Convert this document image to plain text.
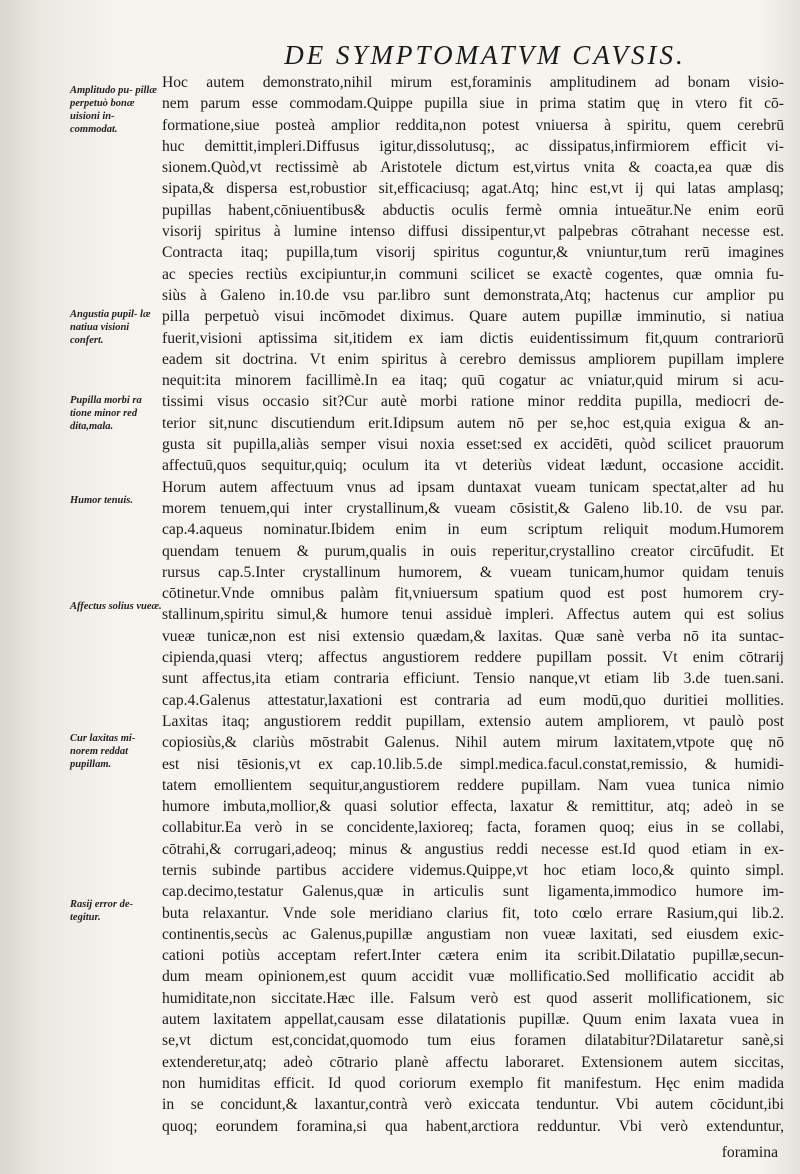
DE SYMPTOMATVM CAVSIS.
Amplitudo pu- pillæ perpetuò bonæ uisioni in- commodat.
Angustia pupil- læ natiua visioni confert.
Pupilla morbi ra tione minor red dita,mala.
Humor tenuis.
Affectus solius vueæ.
Cur laxitas mi- norem reddat pupillam.
Rasij error de- tegitur.
Hoc autem demonstrato,nihil mirum est,foraminis amplitudinem ad bonam visio-
nem parum esse commodam.Quippe pupilla siue in prima statim quę in vtero fit cō-
formatione,siue posteà amplior reddita,non potest vniuersa à spiritu, quem cerebrū
huc demittit,impleri.Diffusus igitur,dissolutusq;, ac dissipatus,infirmiorem efficit vi-
sionem.Quòd,vt rectissimè ab Aristotele dictum est,virtus vnita & coacta,ea quæ dis
sipata,& dispersa est,robustior sit,efficaciusq; agat.Atq; hinc est,vt ij qui latas amplasq;
pupillas habent,cōniuentibus& abductis oculis fermè omnia intueātur.Ne enim eorū
visorij spiritus à lumine intenso diffusi dissipentur,vt palpebras cōtrahant necesse est.
Contracta itaq; pupilla,tum visorij spiritus coguntur,& vniuntur,tum rerū imagines
ac species rectiùs excipiuntur,in communi scilicet se exactè cogentes, quæ omnia fu-
siùs à Galeno in.10.de vsu par.libro sunt demonstrata,Atq; hactenus cur amplior pu
pilla perpetuò visui incōmodet diximus. Quare autem pupillæ imminutio, si natiua
fuerit,visioni aptissima sit,itidem ex iam dictis euidentissimum fit,quum contrariorū
eadem sit doctrina. Vt enim spiritus à cerebro demissus ampliorem pupillam implere
nequit:ita minorem facillimè.In ea itaq; quū cogatur ac vniatur,quid mirum si acu-
tissimi visus occasio sit?Cur autè morbi ratione minor reddita pupilla, mediocri de-
terior sit,nunc discutiendum erit.Idipsum autem nō per se,hoc est,quia exigua & an-
gusta sit pupilla,aliàs semper visui noxia esset:sed ex accidēti, quòd scilicet prauorum
affectuū,quos sequitur,quiq; oculum ita vt deteriùs videat lædunt, occasione accidit.
Horum autem affectuum vnus ad ipsam duntaxat vueam tunicam spectat,alter ad hu
morem tenuem,qui inter crystallinum,& vueam cōsistit,& Galeno lib.10. de vsu par.
cap.4.aqueus nominatur.Ibidem enim in eum scriptum reliquit modum.Humorem
quendam tenuem & purum,qualis in ouis reperitur,crystallino creator circūfudit. Et
rursus cap.5.Inter crystallinum humorem, & vueam tunicam,humor quidam tenuis
cōtinetur.Vnde omnibus palàm fit,vniuersum spatium quod est post humorem cry-
stallinum,spiritu simul,& humore tenui assiduè impleri. Affectus autem qui est solius
vueæ tunicæ,non est nisi extensio quædam,& laxitas. Quæ sanè verba nō ita suntac-
cipienda,quasi vterq; affectus angustiorem reddere pupillam possit. Vt enim cōtrarij
sunt affectus,ita etiam contraria efficiunt. Tensio nanque,vt etiam lib 3.de tuen.sani.
cap.4.Galenus attestatur,laxationi est contraria ad eum modū,quo duritiei mollities.
Laxitas itaq; angustiorem reddit pupillam, extensio autem ampliorem, vt paulò post
copiosiùs,& clariùs mōstrabit Galenus. Nihil autem mirum laxitatem,vtpote quę nō
est nisi tēsionis,vt ex cap.10.lib.5.de simpl.medica.facul.constat,remissio, & humidi-
tatem emollientem sequitur,angustiorem reddere pupillam. Nam vuea tunica nimio
humore imbuta,mollior,& quasi solutior effecta, laxatur & remittitur, atq; adeò in se
collabitur.Ea verò in se concidente,laxioreq; facta, foramen quoq; eius in se collabi,
cōtrahi,& corrugari,adeoq; minus & angustius reddi necesse est.Id quod etiam in ex-
ternis subinde partibus accidere videmus.Quippe,vt hoc etiam loco,& quinto simpl.
cap.decimo,testatur Galenus,quæ in articulis sunt ligamenta,immodico humore im-
buta relaxantur. Vnde sole meridiano clarius fit, toto cœlo errare Rasium,qui lib.2.
continentis,secùs ac Galenus,pupillæ angustiam non vueæ laxitati, sed eiusdem exic-
cationi potiùs acceptam refert.Inter cætera enim ita scribit.Dilatatio pupillæ,secun-
dum meam opinionem,est quum accidit vuæ mollificatio.Sed mollificatio accidit ab
humiditate,non siccitate.Hæc ille. Falsum verò est quod asserit mollificationem, sic
autem laxitatem appellat,causam esse dilatationis pupillæ. Quum enim laxata vuea in
se,vt dictum est,concidat,quomodo tum eius foramen dilatabitur?Dilataretur sanè,si
extenderetur,atq; adeò cōtrario planè affectu laboraret. Extensionem autem siccitas,
non humiditas efficit. Id quod coriorum exemplo fit manifestum. Hęc enim madida
in se concidunt,& laxantur,contrà verò exiccata tenduntur. Vbi autem cōcidunt,ibi
quoq; eorundem foramina,si qua habent,arctiora redduntur. Vbi verò extenduntur,
foramina
